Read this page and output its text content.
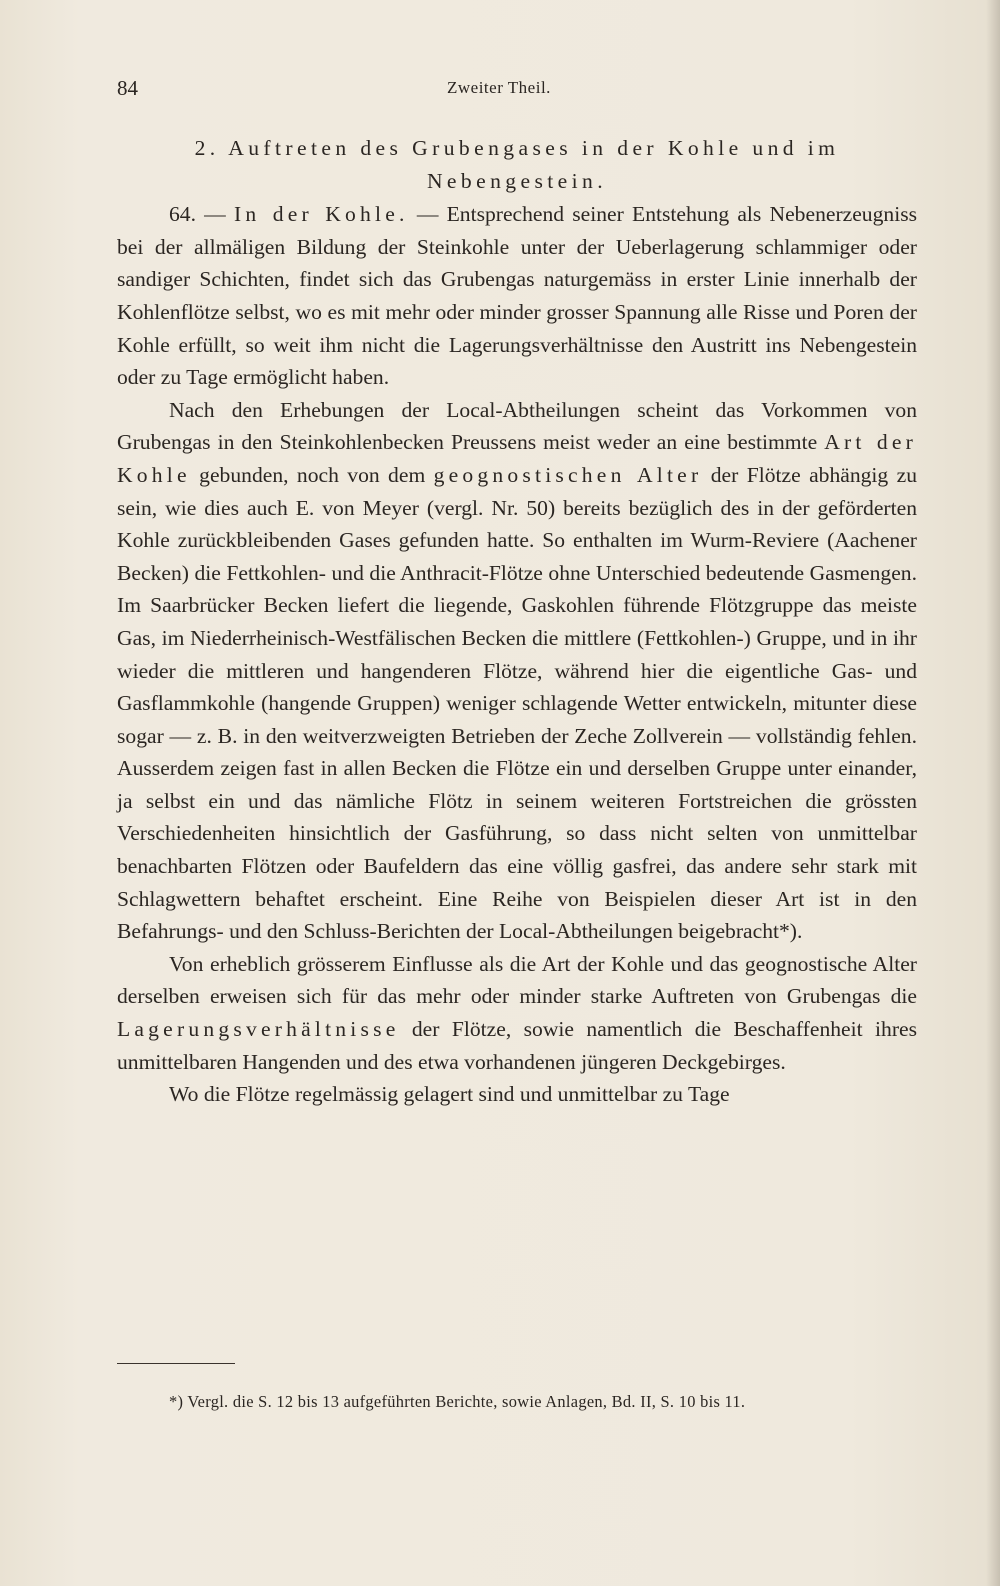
84	Zweiter Theil.
2. Auftreten des Grubengases in der Kohle und im
Nebengestein.

64. — In der Kohle. — Entsprechend seiner Entstehung als Nebenerzeugniss bei der allmäligen Bildung der Steinkohle unter der Ueberlagerung schlammiger oder sandiger Schichten, findet sich das Grubengas naturgemäss in erster Linie innerhalb der Kohlenflötze selbst, wo es mit mehr oder minder grosser Spannung alle Risse und Poren der Kohle erfüllt, so weit ihm nicht die Lagerungsverhältnisse den Austritt ins Nebengestein oder zu Tage ermöglicht haben.

Nach den Erhebungen der Local-Abtheilungen scheint das Vorkommen von Grubengas in den Steinkohlenbecken Preussens meist weder an eine bestimmte Art der Kohle gebunden, noch von dem geognostischen Alter der Flötze abhängig zu sein, wie dies auch E. von Meyer (vergl. Nr. 50) bereits bezüglich des in der geförderten Kohle zurückbleibenden Gases gefunden hatte. So enthalten im Wurm-Reviere (Aachener Becken) die Fettkohlen- und die Anthracit-Flötze ohne Unterschied bedeutende Gasmengen. Im Saarbrücker Becken liefert die liegende, Gaskohlen führende Flötzgruppe das meiste Gas, im Niederrheinisch-Westfälischen Becken die mittlere (Fettkohlen-) Gruppe, und in ihr wieder die mittleren und hangenderen Flötze, während hier die eigentliche Gas- und Gasflammkohle (hangende Gruppen) weniger schlagende Wetter entwickeln, mitunter diese sogar — z. B. in den weitverzweigten Betrieben der Zeche Zollverein — vollständig fehlen. Ausserdem zeigen fast in allen Becken die Flötze ein und derselben Gruppe unter einander, ja selbst ein und das nämliche Flötz in seinem weiteren Fortstreichen die grössten Verschiedenheiten hinsichtlich der Gasführung, so dass nicht selten von unmittelbar benachbarten Flötzen oder Baufeldern das eine völlig gasfrei, das andere sehr stark mit Schlagwettern behaftet erscheint. Eine Reihe von Beispielen dieser Art ist in den Befahrungs- und den Schluss-Berichten der Local-Abtheilungen beigebracht*).

Von erheblich grösserem Einflusse als die Art der Kohle und das geognostische Alter derselben erweisen sich für das mehr oder minder starke Auftreten von Grubengas die Lagerungsverhältnisse der Flötze, sowie namentlich die Beschaffenheit ihres unmittelbaren Hangenden und des etwa vorhandenen jüngeren Deckgebirges.

Wo die Flötze regelmässig gelagert sind und unmittelbar zu Tage

*) Vergl. die S. 12 bis 13 aufgeführten Berichte, sowie Anlagen, Bd. II, S. 10 bis 11.
